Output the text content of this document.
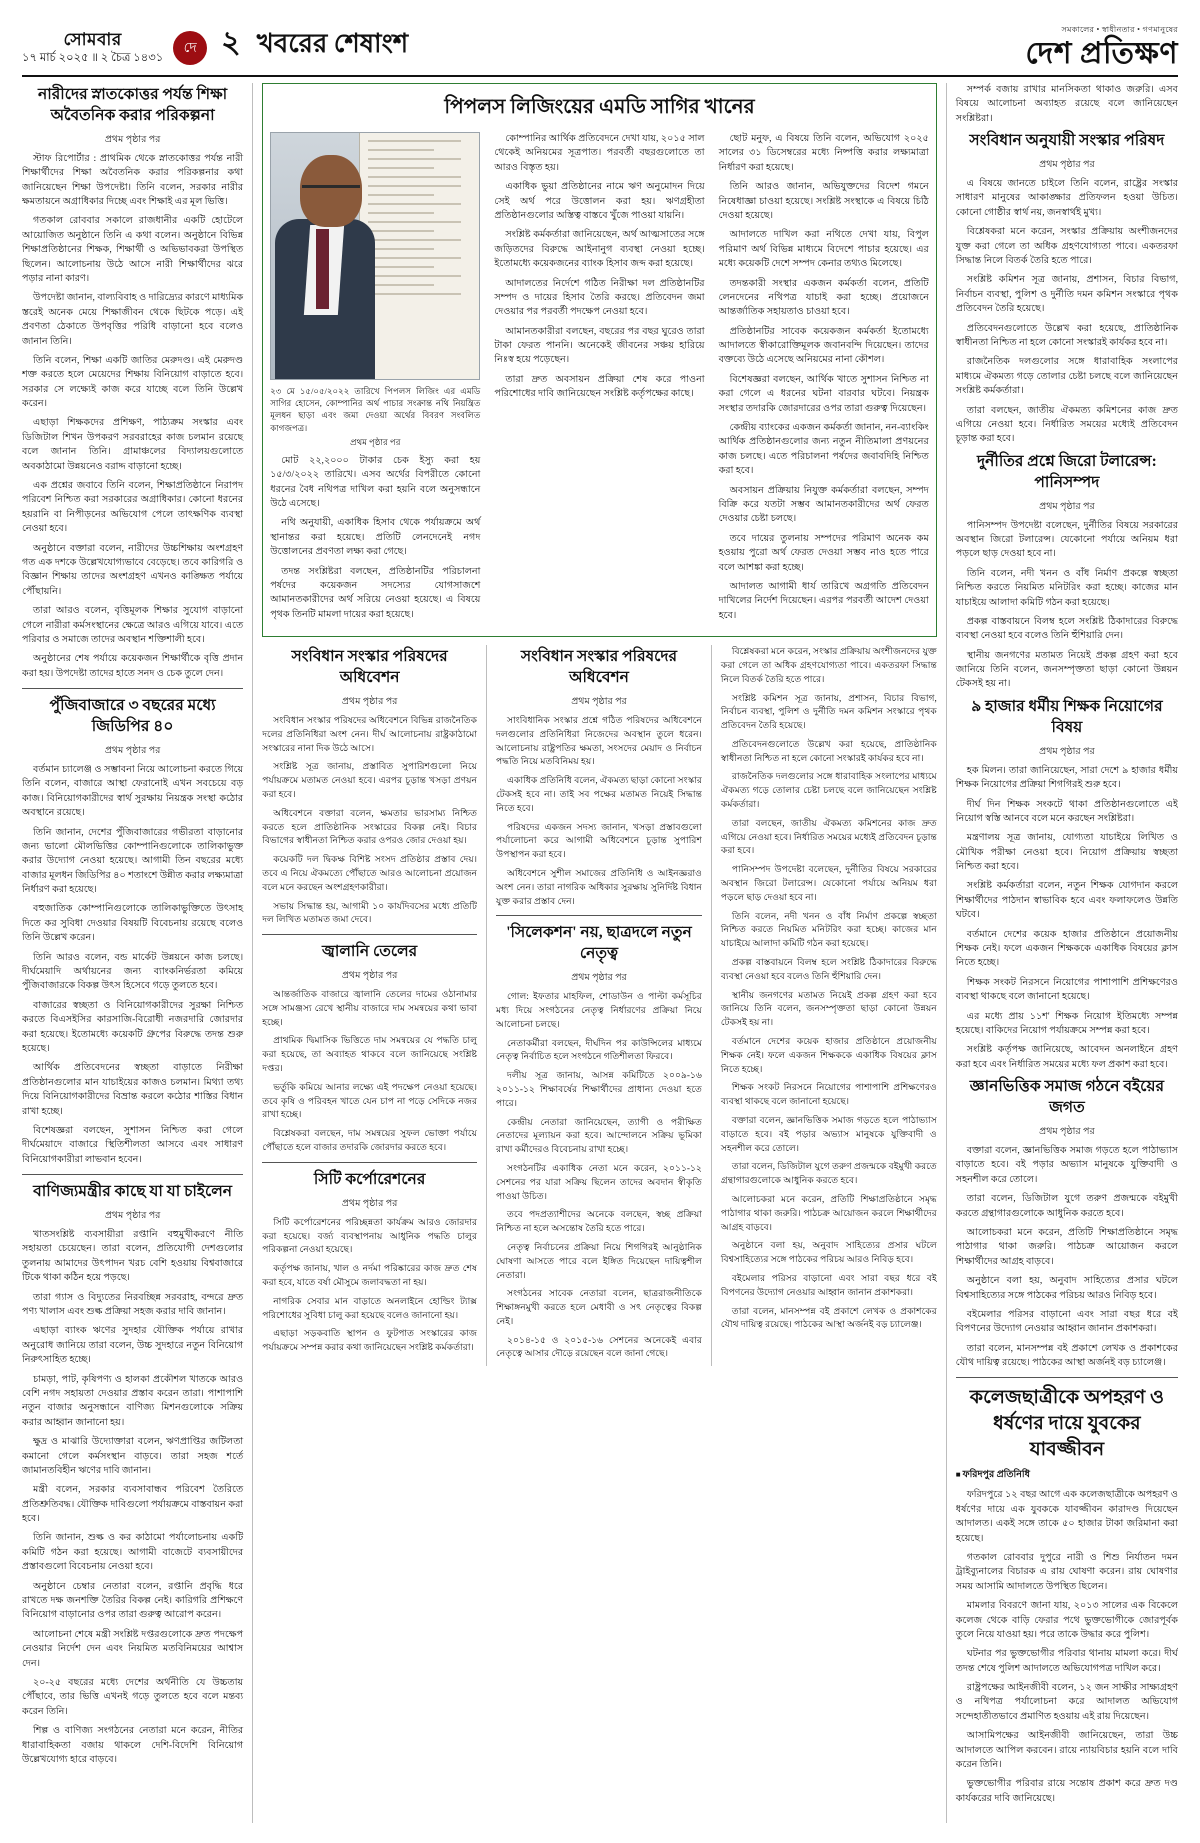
সোমবার
১৭ মার্চ ২০২৫ ॥ ২ চৈত্র ১৪৩১
দে ২ খবরের শেষাংশ	সমকালের • স্বাধীনতার • গণমানুষের
দেশ প্রতিক্ষণ
নারীদের স্নাতকোত্তর পর্যন্ত শিক্ষা অবৈতনিক করার পরিকল্পনা
প্রথম পৃষ্ঠার পর

স্টাফ রিপোর্টার : প্রাথমিক থেকে স্নাতকোত্তর পর্যন্ত নারী শিক্ষার্থীদের শিক্ষা অবৈতনিক করার পরিকল্পনার কথা জানিয়েছেন শিক্ষা উপদেষ্টা। তিনি বলেন, সরকার নারীর ক্ষমতায়নে অগ্রাধিকার দিচ্ছে এবং শিক্ষাই এর মূল ভিত্তি।

গতকাল রোববার সকালে রাজধানীর একটি হোটেলে আয়োজিত অনুষ্ঠানে তিনি এ কথা বলেন। অনুষ্ঠানে বিভিন্ন শিক্ষাপ্রতিষ্ঠানের শিক্ষক, শিক্ষার্থী ও অভিভাবকরা উপস্থিত ছিলেন। আলোচনায় উঠে আসে নারী শিক্ষার্থীদের ঝরে পড়ার নানা কারণ।

উপদেষ্টা জানান, বাল্যবিবাহ ও দারিদ্র্যের কারণে মাধ্যমিক স্তরেই অনেক মেয়ে শিক্ষাজীবন থেকে ছিটকে পড়ে। এই প্রবণতা ঠেকাতে উপবৃত্তির পরিধি বাড়ানো হবে বলেও জানান তিনি।

তিনি বলেন, শিক্ষা একটি জাতির মেরুদণ্ড। এই মেরুদণ্ড শক্ত করতে হলে মেয়েদের শিক্ষায় বিনিয়োগ বাড়াতে হবে। সরকার সে লক্ষ্যেই কাজ করে যাচ্ছে বলে তিনি উল্লেখ করেন।

এছাড়া শিক্ষকদের প্রশিক্ষণ, পাঠ্যক্রম সংস্কার এবং ডিজিটাল শিখন উপকরণ সরবরাহের কাজ চলমান রয়েছে বলে জানান তিনি। গ্রামাঞ্চলের বিদ্যালয়গুলোতে অবকাঠামো উন্নয়নেও বরাদ্দ বাড়ানো হচ্ছে।

এক প্রশ্নের জবাবে তিনি বলেন, শিক্ষাপ্রতিষ্ঠানে নিরাপদ পরিবেশ নিশ্চিত করা সরকারের অগ্রাধিকার। কোনো ধরনের হয়রানি বা নিপীড়নের অভিযোগ পেলে তাৎক্ষণিক ব্যবস্থা নেওয়া হবে।

অনুষ্ঠানে বক্তারা বলেন, নারীদের উচ্চশিক্ষায় অংশগ্রহণ গত এক দশকে উল্লেখযোগ্যভাবে বেড়েছে। তবে কারিগরি ও বিজ্ঞান শিক্ষায় তাদের অংশগ্রহণ এখনও কাঙ্ক্ষিত পর্যায়ে পৌঁছায়নি।

তারা আরও বলেন, বৃত্তিমূলক শিক্ষার সুযোগ বাড়ানো গেলে নারীরা কর্মসংস্থানের ক্ষেত্রে আরও এগিয়ে যাবে। এতে পরিবার ও সমাজে তাদের অবস্থান শক্তিশালী হবে।

অনুষ্ঠানের শেষ পর্যায়ে কয়েকজন শিক্ষার্থীকে বৃত্তি প্রদান করা হয়। উপদেষ্টা তাদের হাতে সনদ ও চেক তুলে দেন।

পুঁজিবাজারে ৩ বছরের মধ্যে জিডিপির ৪০
প্রথম পৃষ্ঠার পর

বর্তমান চ্যালেঞ্জ ও সম্ভাবনা নিয়ে আলোচনা করতে গিয়ে তিনি বলেন, বাজারে আস্থা ফেরানোই এখন সবচেয়ে বড় কাজ। বিনিয়োগকারীদের স্বার্থ সুরক্ষায় নিয়ন্ত্রক সংস্থা কঠোর অবস্থানে রয়েছে।

তিনি জানান, দেশের পুঁজিবাজারের গভীরতা বাড়ানোর জন্য ভালো মৌলভিত্তির কোম্পানিগুলোকে তালিকাভুক্ত করার উদ্যোগ নেওয়া হয়েছে। আগামী তিন বছরের মধ্যে বাজার মূলধন জিডিপির ৪০ শতাংশে উন্নীত করার লক্ষ্যমাত্রা নির্ধারণ করা হয়েছে।

বহুজাতিক কোম্পানিগুলোকে তালিকাভুক্তিতে উৎসাহ দিতে কর সুবিধা দেওয়ার বিষয়টি বিবেচনায় রয়েছে বলেও তিনি উল্লেখ করেন।

তিনি আরও বলেন, বন্ড মার্কেট উন্নয়নে কাজ চলছে। দীর্ঘমেয়াদি অর্থায়নের জন্য ব্যাংকনির্ভরতা কমিয়ে পুঁজিবাজারকে বিকল্প উৎস হিসেবে গড়ে তুলতে হবে।

বাজারের স্বচ্ছতা ও বিনিয়োগকারীদের সুরক্ষা নিশ্চিত করতে বিএসইসির কারসাজি-বিরোধী নজরদারি জোরদার করা হয়েছে। ইতোমধ্যে কয়েকটি গ্রুপের বিরুদ্ধে তদন্ত শুরু হয়েছে।

আর্থিক প্রতিবেদনের স্বচ্ছতা বাড়াতে নিরীক্ষা প্রতিষ্ঠানগুলোর মান যাচাইয়ের কাজও চলমান। মিথ্যা তথ্য দিয়ে বিনিয়োগকারীদের বিভ্রান্ত করলে কঠোর শাস্তির বিধান রাখা হচ্ছে।

বিশেষজ্ঞরা বলছেন, সুশাসন নিশ্চিত করা গেলে দীর্ঘমেয়াদে বাজারে স্থিতিশীলতা আসবে এবং সাধারণ বিনিয়োগকারীরা লাভবান হবেন।

বাণিজ্যমন্ত্রীর কাছে যা যা চাইলেন
প্রথম পৃষ্ঠার পর

খাতসংশ্লিষ্ট ব্যবসায়ীরা রপ্তানি বহুমুখীকরণে নীতি সহায়তা চেয়েছেন। তারা বলেন, প্রতিযোগী দেশগুলোর তুলনায় আমাদের উৎপাদন খরচ বেশি হওয়ায় বিশ্ববাজারে টিকে থাকা কঠিন হয়ে পড়ছে।

তারা গ্যাস ও বিদ্যুতের নিরবচ্ছিন্ন সরবরাহ, বন্দরে দ্রুত পণ্য খালাস এবং শুল্ক প্রক্রিয়া সহজ করার দাবি জানান।

এছাড়া ব্যাংক ঋণের সুদহার যৌক্তিক পর্যায়ে রাখার অনুরোধ জানিয়ে তারা বলেন, উচ্চ সুদহারে নতুন বিনিয়োগ নিরুৎসাহিত হচ্ছে।

চামড়া, পাট, কৃষিপণ্য ও হালকা প্রকৌশল খাতকে আরও বেশি নগদ সহায়তা দেওয়ার প্রস্তাব করেন তারা। পাশাপাশি নতুন বাজার অনুসন্ধানে বাণিজ্য মিশনগুলোকে সক্রিয় করার আহ্বান জানানো হয়।

ক্ষুদ্র ও মাঝারি উদ্যোক্তারা বলেন, ঋণপ্রাপ্তির জটিলতা কমানো গেলে কর্মসংস্থান বাড়বে। তারা সহজ শর্তে জামানতবিহীন ঋণের দাবি জানান।

মন্ত্রী বলেন, সরকার ব্যবসাবান্ধব পরিবেশ তৈরিতে প্রতিশ্রুতিবদ্ধ। যৌক্তিক দাবিগুলো পর্যায়ক্রমে বাস্তবায়ন করা হবে।

তিনি জানান, শুল্ক ও কর কাঠামো পর্যালোচনায় একটি কমিটি গঠন করা হয়েছে। আগামী বাজেটে ব্যবসায়ীদের প্রস্তাবগুলো বিবেচনায় নেওয়া হবে।

অনুষ্ঠানে চেম্বার নেতারা বলেন, রপ্তানি প্রবৃদ্ধি ধরে রাখতে দক্ষ জনশক্তি তৈরির বিকল্প নেই। কারিগরি প্রশিক্ষণে বিনিয়োগ বাড়ানোর ওপর তারা গুরুত্ব আরোপ করেন।

আলোচনা শেষে মন্ত্রী সংশ্লিষ্ট দপ্তরগুলোকে দ্রুত পদক্ষেপ নেওয়ার নির্দেশ দেন এবং নিয়মিত মতবিনিময়ের আশ্বাস দেন।

২০-২৫ বছরের মধ্যে দেশের অর্থনীতি যে উচ্চতায় পৌঁছাবে, তার ভিত্তি এখনই গড়ে তুলতে হবে বলে মন্তব্য করেন তিনি।

শিল্প ও বাণিজ্য সংগঠনের নেতারা মনে করেন, নীতির ধারাবাহিকতা বজায় থাকলে দেশি-বিদেশি বিনিয়োগ উল্লেখযোগ্য হারে বাড়বে।

পিপলস লিজিংয়ের এমডি সাগির খানের
২৩ মে ১৫/০৫/২০২২ তারিখে পিপলস লিজিং এর এমডি সাগির হোসেন, কোম্পানির অর্থ পাচার সংক্রান্ত নথি নিয়ন্ত্রিত মূলধন ছাড়া এবং জমা দেওয়া অর্থের বিবরণ সংবলিত কাগজপত্র।
প্রথম পৃষ্ঠার পর

মোট ২২,২০০০ টাকার চেক ইস্যু করা হয় ১৫/৩/২০২২ তারিখে। এসব অর্থের বিপরীতে কোনো ধরনের বৈধ নথিপত্র দাখিল করা হয়নি বলে অনুসন্ধানে উঠে এসেছে।

নথি অনুযায়ী, একাধিক হিসাব থেকে পর্যায়ক্রমে অর্থ স্থানান্তর করা হয়েছে। প্রতিটি লেনদেনেই নগদ উত্তোলনের প্রবণতা লক্ষ্য করা গেছে।

তদন্ত সংশ্লিষ্টরা বলছেন, প্রতিষ্ঠানটির পরিচালনা পর্ষদের কয়েকজন সদস্যের যোগসাজশে আমানতকারীদের অর্থ সরিয়ে নেওয়া হয়েছে। এ বিষয়ে পৃথক তিনটি মামলা দায়ের করা হয়েছে।

কোম্পানির আর্থিক প্রতিবেদনে দেখা যায়, ২০১৫ সাল থেকেই অনিয়মের সূত্রপাত। পরবর্তী বছরগুলোতে তা আরও বিস্তৃত হয়।

একাধিক ভুয়া প্রতিষ্ঠানের নামে ঋণ অনুমোদন দিয়ে সেই অর্থ পরে উত্তোলন করা হয়। ঋণগ্রহীতা প্রতিষ্ঠানগুলোর অস্তিত্ব বাস্তবে খুঁজে পাওয়া যায়নি।

সংশ্লিষ্ট কর্মকর্তারা জানিয়েছেন, অর্থ আত্মসাতের সঙ্গে জড়িতদের বিরুদ্ধে আইনানুগ ব্যবস্থা নেওয়া হচ্ছে। ইতোমধ্যে কয়েকজনের ব্যাংক হিসাব জব্দ করা হয়েছে।

আদালতের নির্দেশে গঠিত নিরীক্ষা দল প্রতিষ্ঠানটির সম্পদ ও দায়ের হিসাব তৈরি করছে। প্রতিবেদন জমা দেওয়ার পর পরবর্তী পদক্ষেপ নেওয়া হবে।

আমানতকারীরা বলছেন, বছরের পর বছর ঘুরেও তারা টাকা ফেরত পাননি। অনেকেই জীবনের সঞ্চয় হারিয়ে নিঃস্ব হয়ে পড়েছেন।

তারা দ্রুত অবসায়ন প্রক্রিয়া শেষ করে পাওনা পরিশোধের দাবি জানিয়েছেন সংশ্লিষ্ট কর্তৃপক্ষের কাছে।

ছোট মনুফ, এ বিষয়ে তিনি বলেন, অভিযোগ ২০২৫ সালের ৩১ ডিসেম্বরের মধ্যে নিষ্পত্তি করার লক্ষ্যমাত্রা নির্ধারণ করা হয়েছে।

তিনি আরও জানান, অভিযুক্তদের বিদেশ গমনে নিষেধাজ্ঞা চাওয়া হয়েছে। সংশ্লিষ্ট সংস্থাকে এ বিষয়ে চিঠি দেওয়া হয়েছে।

আদালতে দাখিল করা নথিতে দেখা যায়, বিপুল পরিমাণ অর্থ বিভিন্ন মাধ্যমে বিদেশে পাচার হয়েছে। এর মধ্যে কয়েকটি দেশে সম্পদ কেনার তথ্যও মিলেছে।

তদন্তকারী সংস্থার একজন কর্মকর্তা বলেন, প্রতিটি লেনদেনের নথিপত্র যাচাই করা হচ্ছে। প্রয়োজনে আন্তর্জাতিক সহায়তাও চাওয়া হবে।

প্রতিষ্ঠানটির সাবেক কয়েকজন কর্মকর্তা ইতোমধ্যে আদালতে স্বীকারোক্তিমূলক জবানবন্দি দিয়েছেন। তাদের বক্তব্যে উঠে এসেছে অনিয়মের নানা কৌশল।

বিশেষজ্ঞরা বলছেন, আর্থিক খাতে সুশাসন নিশ্চিত না করা গেলে এ ধরনের ঘটনা বারবার ঘটবে। নিয়ন্ত্রক সংস্থার তদারকি জোরদারের ওপর তারা গুরুত্ব দিয়েছেন।

কেন্দ্রীয় ব্যাংকের একজন কর্মকর্তা জানান, নন-ব্যাংকিং আর্থিক প্রতিষ্ঠানগুলোর জন্য নতুন নীতিমালা প্রণয়নের কাজ চলছে। এতে পরিচালনা পর্ষদের জবাবদিহি নিশ্চিত করা হবে।

অবসায়ন প্রক্রিয়ায় নিযুক্ত কর্মকর্তারা বলছেন, সম্পদ বিক্রি করে যতটা সম্ভব আমানতকারীদের অর্থ ফেরত দেওয়ার চেষ্টা চলছে।

তবে দায়ের তুলনায় সম্পদের পরিমাণ অনেক কম হওয়ায় পুরো অর্থ ফেরত দেওয়া সম্ভব নাও হতে পারে বলে আশঙ্কা করা হচ্ছে।

আদালত আগামী ধার্য তারিখে অগ্রগতি প্রতিবেদন দাখিলের নির্দেশ দিয়েছেন। এরপর পরবর্তী আদেশ দেওয়া হবে।

সংবিধান সংস্কার পরিষদের অধিবেশন
প্রথম পৃষ্ঠার পর

সংবিধান সংস্কার পরিষদের অধিবেশনে বিভিন্ন রাজনৈতিক দলের প্রতিনিধিরা অংশ নেন। দীর্ঘ আলোচনায় রাষ্ট্রকাঠামো সংস্কারের নানা দিক উঠে আসে।

সংশ্লিষ্ট সূত্র জানায়, প্রস্তাবিত সুপারিশগুলো নিয়ে পর্যায়ক্রমে মতামত নেওয়া হবে। এরপর চূড়ান্ত খসড়া প্রণয়ন করা হবে।

অধিবেশনে বক্তারা বলেন, ক্ষমতার ভারসাম্য নিশ্চিত করতে হলে প্রাতিষ্ঠানিক সংস্কারের বিকল্প নেই। বিচার বিভাগের স্বাধীনতা নিশ্চিত করার ওপরও জোর দেওয়া হয়।

কয়েকটি দল দ্বিকক্ষ বিশিষ্ট সংসদ প্রতিষ্ঠার প্রস্তাব দেয়। তবে এ নিয়ে ঐকমত্যে পৌঁছাতে আরও আলোচনা প্রয়োজন বলে মনে করছেন অংশগ্রহণকারীরা।

সভায় সিদ্ধান্ত হয়, আগামী ১০ কার্যদিবসের মধ্যে প্রতিটি দল লিখিত মতামত জমা দেবে।

জ্বালানি তেলের
প্রথম পৃষ্ঠার পর

আন্তর্জাতিক বাজারে জ্বালানি তেলের দামের ওঠানামার সঙ্গে সামঞ্জস্য রেখে স্থানীয় বাজারে দাম সমন্বয়ের কথা ভাবা হচ্ছে।

প্রাথমিক দ্বিমাসিক ভিত্তিতে দাম সমন্বয়ের যে পদ্ধতি চালু করা হয়েছে, তা অব্যাহত থাকবে বলে জানিয়েছে সংশ্লিষ্ট দপ্তর।

ভর্তুকি কমিয়ে আনার লক্ষ্যে এই পদক্ষেপ নেওয়া হয়েছে। তবে কৃষি ও পরিবহন খাতে যেন চাপ না পড়ে সেদিকে নজর রাখা হচ্ছে।

বিশ্লেষকরা বলছেন, দাম সমন্বয়ের সুফল ভোক্তা পর্যায়ে পৌঁছাতে হলে বাজার তদারকি জোরদার করতে হবে।

সিটি কর্পোরেশনের
প্রথম পৃষ্ঠার পর

সিটি কর্পোরেশনের পরিচ্ছন্নতা কার্যক্রম আরও জোরদার করা হয়েছে। বর্জ্য ব্যবস্থাপনায় আধুনিক পদ্ধতি চালুর পরিকল্পনা নেওয়া হয়েছে।

কর্তৃপক্ষ জানায়, খাল ও নর্দমা পরিষ্কারের কাজ দ্রুত শেষ করা হবে, যাতে বর্ষা মৌসুমে জলাবদ্ধতা না হয়।

নাগরিক সেবার মান বাড়াতে অনলাইনে হোল্ডিং ট্যাক্স পরিশোধের সুবিধা চালু করা হয়েছে বলেও জানানো হয়।

এছাড়া সড়কবাতি স্থাপন ও ফুটপাত সংস্কারের কাজ পর্যায়ক্রমে সম্পন্ন করার কথা জানিয়েছেন সংশ্লিষ্ট কর্মকর্তারা।

সংবিধান সংস্কার পরিষদের অধিবেশন
প্রথম পৃষ্ঠার পর

সাংবিধানিক সংস্কার প্রশ্নে গঠিত পরিষদের অধিবেশনে দলগুলোর প্রতিনিধিরা নিজেদের অবস্থান তুলে ধরেন। আলোচনায় রাষ্ট্রপতির ক্ষমতা, সংসদের মেয়াদ ও নির্বাচন পদ্ধতি নিয়ে মতবিনিময় হয়।

একাধিক প্রতিনিধি বলেন, ঐকমত্য ছাড়া কোনো সংস্কার টেকসই হবে না। তাই সব পক্ষের মতামত নিয়েই সিদ্ধান্ত নিতে হবে।

পরিষদের একজন সদস্য জানান, খসড়া প্রস্তাবগুলো পর্যালোচনা করে আগামী অধিবেশনে চূড়ান্ত সুপারিশ উপস্থাপন করা হবে।

অধিবেশনে সুশীল সমাজের প্রতিনিধি ও আইনজ্ঞরাও অংশ নেন। তারা নাগরিক অধিকার সুরক্ষায় সুনির্দিষ্ট বিধান যুক্ত করার প্রস্তাব দেন।

'সিলেকশন' নয়, ছাত্রদলে নতুন নেতৃত্ব
প্রথম পৃষ্ঠার পর

গোল: ইফতার মাহফিল, শোডাউন ও পাল্টা কর্মসূচির মধ্য দিয়ে সংগঠনের নেতৃত্ব নির্ধারণের প্রক্রিয়া নিয়ে আলোচনা চলছে।

নেতাকর্মীরা বলছেন, দীর্ঘদিন পর কাউন্সিলের মাধ্যমে নেতৃত্ব নির্বাচিত হলে সংগঠনে গতিশীলতা ফিরবে।

দলীয় সূত্র জানায়, আসন্ন কমিটিতে ২০০৯-১৬ ২০১১-১২ শিক্ষাবর্ষের শিক্ষার্থীদের প্রাধান্য দেওয়া হতে পারে।

কেন্দ্রীয় নেতারা জানিয়েছেন, ত্যাগী ও পরীক্ষিত নেতাদের মূল্যায়ন করা হবে। আন্দোলনে সক্রিয় ভূমিকা রাখা কর্মীদেরও বিবেচনায় রাখা হচ্ছে।

সংগঠনটির একাধিক নেতা মনে করেন, ২০১১-১২ সেশনের পর যারা সক্রিয় ছিলেন তাদের অবদান স্বীকৃতি পাওয়া উচিত।

তবে পদপ্রত্যাশীদের অনেকে বলছেন, স্বচ্ছ প্রক্রিয়া নিশ্চিত না হলে অসন্তোষ তৈরি হতে পারে।

নেতৃত্ব নির্বাচনের প্রক্রিয়া নিয়ে শিগগিরই আনুষ্ঠানিক ঘোষণা আসতে পারে বলে ইঙ্গিত দিয়েছেন দায়িত্বশীল নেতারা।

সংগঠনের সাবেক নেতারা বলেন, ছাত্ররাজনীতিকে শিক্ষাঙ্গনমুখী করতে হলে মেধাবী ও সৎ নেতৃত্বের বিকল্প নেই।

২০১৪-১৫ ও ২০১৫-১৬ সেশনের অনেকেই এবার নেতৃত্বে আসার দৌড়ে রয়েছেন বলে জানা গেছে।

বিশ্লেষকরা মনে করেন, সংস্কার প্রক্রিয়ায় অংশীজনদের যুক্ত করা গেলে তা অধিক গ্রহণযোগ্যতা পাবে। একতরফা সিদ্ধান্ত নিলে বিতর্ক তৈরি হতে পারে।

সংশ্লিষ্ট কমিশন সূত্র জানায়, প্রশাসন, বিচার বিভাগ, নির্বাচন ব্যবস্থা, পুলিশ ও দুর্নীতি দমন কমিশন সংস্কারে পৃথক প্রতিবেদন তৈরি হয়েছে।

প্রতিবেদনগুলোতে উল্লেখ করা হয়েছে, প্রাতিষ্ঠানিক স্বাধীনতা নিশ্চিত না হলে কোনো সংস্কারই কার্যকর হবে না।

রাজনৈতিক দলগুলোর সঙ্গে ধারাবাহিক সংলাপের মাধ্যমে ঐকমত্য গড়ে তোলার চেষ্টা চলছে বলে জানিয়েছেন সংশ্লিষ্ট কর্মকর্তারা।

তারা বলছেন, জাতীয় ঐকমত্য কমিশনের কাজ দ্রুত এগিয়ে নেওয়া হবে। নির্ধারিত সময়ের মধ্যেই প্রতিবেদন চূড়ান্ত করা হবে।

পানিসম্পদ উপদেষ্টা বলেছেন, দুর্নীতির বিষয়ে সরকারের অবস্থান জিরো টলারেন্স। যেকোনো পর্যায়ে অনিয়ম ধরা পড়লে ছাড় দেওয়া হবে না।

তিনি বলেন, নদী খনন ও বাঁধ নির্মাণ প্রকল্পে স্বচ্ছতা নিশ্চিত করতে নিয়মিত মনিটরিং করা হচ্ছে। কাজের মান যাচাইয়ে আলাদা কমিটি গঠন করা হয়েছে।

প্রকল্প বাস্তবায়নে বিলম্ব হলে সংশ্লিষ্ট ঠিকাদারের বিরুদ্ধে ব্যবস্থা নেওয়া হবে বলেও তিনি হুঁশিয়ারি দেন।

স্থানীয় জনগণের মতামত নিয়েই প্রকল্প গ্রহণ করা হবে জানিয়ে তিনি বলেন, জনসম্পৃক্ততা ছাড়া কোনো উন্নয়ন টেকসই হয় না।

বর্তমানে দেশের কয়েক হাজার প্রতিষ্ঠানে প্রয়োজনীয় শিক্ষক নেই। ফলে একজন শিক্ষককে একাধিক বিষয়ের ক্লাস নিতে হচ্ছে।

শিক্ষক সংকট নিরসনে নিয়োগের পাশাপাশি প্রশিক্ষণেরও ব্যবস্থা থাকছে বলে জানানো হয়েছে।

বক্তারা বলেন, জ্ঞানভিত্তিক সমাজ গড়তে হলে পাঠাভ্যাস বাড়াতে হবে। বই পড়ার অভ্যাস মানুষকে যুক্তিবাদী ও সহনশীল করে তোলে।

তারা বলেন, ডিজিটাল যুগে তরুণ প্রজন্মকে বইমুখী করতে গ্রন্থাগারগুলোকে আধুনিক করতে হবে।

আলোচকরা মনে করেন, প্রতিটি শিক্ষাপ্রতিষ্ঠানে সমৃদ্ধ পাঠাগার থাকা জরুরি। পাঠচক্র আয়োজন করলে শিক্ষার্থীদের আগ্রহ বাড়বে।

অনুষ্ঠানে বলা হয়, অনুবাদ সাহিত্যের প্রসার ঘটলে বিশ্বসাহিত্যের সঙ্গে পাঠকের পরিচয় আরও নিবিড় হবে।

বইমেলার পরিসর বাড়ানো এবং সারা বছর ধরে বই বিপণনের উদ্যোগ নেওয়ার আহ্বান জানান প্রকাশকরা।

তারা বলেন, মানসম্পন্ন বই প্রকাশে লেখক ও প্রকাশকের যৌথ দায়িত্ব রয়েছে। পাঠকের আস্থা অর্জনই বড় চ্যালেঞ্জ।

সম্পর্ক বজায় রাখার মানসিকতা থাকাও জরুরি। এসব বিষয়ে আলোচনা অব্যাহত রয়েছে বলে জানিয়েছেন সংশ্লিষ্টরা।

সংবিধান অনুযায়ী সংস্কার পরিষদ
প্রথম পৃষ্ঠার পর

এ বিষয়ে জানতে চাইলে তিনি বলেন, রাষ্ট্রের সংস্কার সাধারণ মানুষের আকাঙ্ক্ষার প্রতিফলন হওয়া উচিত। কোনো গোষ্ঠীর স্বার্থ নয়, জনস্বার্থই মুখ্য।

বিশ্লেষকরা মনে করেন, সংস্কার প্রক্রিয়ায় অংশীজনদের যুক্ত করা গেলে তা অধিক গ্রহণযোগ্যতা পাবে। একতরফা সিদ্ধান্ত নিলে বিতর্ক তৈরি হতে পারে।

সংশ্লিষ্ট কমিশন সূত্র জানায়, প্রশাসন, বিচার বিভাগ, নির্বাচন ব্যবস্থা, পুলিশ ও দুর্নীতি দমন কমিশন সংস্কারে পৃথক প্রতিবেদন তৈরি হয়েছে।

প্রতিবেদনগুলোতে উল্লেখ করা হয়েছে, প্রাতিষ্ঠানিক স্বাধীনতা নিশ্চিত না হলে কোনো সংস্কারই কার্যকর হবে না।

রাজনৈতিক দলগুলোর সঙ্গে ধারাবাহিক সংলাপের মাধ্যমে ঐকমত্য গড়ে তোলার চেষ্টা চলছে বলে জানিয়েছেন সংশ্লিষ্ট কর্মকর্তারা।

তারা বলছেন, জাতীয় ঐকমত্য কমিশনের কাজ দ্রুত এগিয়ে নেওয়া হবে। নির্ধারিত সময়ের মধ্যেই প্রতিবেদন চূড়ান্ত করা হবে।

দুর্নীতির প্রশ্নে জিরো টলারেন্স: পানিসম্পদ
প্রথম পৃষ্ঠার পর

পানিসম্পদ উপদেষ্টা বলেছেন, দুর্নীতির বিষয়ে সরকারের অবস্থান জিরো টলারেন্স। যেকোনো পর্যায়ে অনিয়ম ধরা পড়লে ছাড় দেওয়া হবে না।

তিনি বলেন, নদী খনন ও বাঁধ নির্মাণ প্রকল্পে স্বচ্ছতা নিশ্চিত করতে নিয়মিত মনিটরিং করা হচ্ছে। কাজের মান যাচাইয়ে আলাদা কমিটি গঠন করা হয়েছে।

প্রকল্প বাস্তবায়নে বিলম্ব হলে সংশ্লিষ্ট ঠিকাদারের বিরুদ্ধে ব্যবস্থা নেওয়া হবে বলেও তিনি হুঁশিয়ারি দেন।

স্থানীয় জনগণের মতামত নিয়েই প্রকল্প গ্রহণ করা হবে জানিয়ে তিনি বলেন, জনসম্পৃক্ততা ছাড়া কোনো উন্নয়ন টেকসই হয় না।

৯ হাজার ধর্মীয় শিক্ষক নিয়োগের বিষয়
প্রথম পৃষ্ঠার পর

হক মিলন। তারা জানিয়েছেন, সারা দেশে ৯ হাজার ধর্মীয় শিক্ষক নিয়োগের প্রক্রিয়া শিগগিরই শুরু হবে।

দীর্ঘ দিন শিক্ষক সংকটে থাকা প্রতিষ্ঠানগুলোতে এই নিয়োগ স্বস্তি আনবে বলে মনে করছেন সংশ্লিষ্টরা।

মন্ত্রণালয় সূত্র জানায়, যোগ্যতা যাচাইয়ে লিখিত ও মৌখিক পরীক্ষা নেওয়া হবে। নিয়োগ প্রক্রিয়ায় স্বচ্ছতা নিশ্চিত করা হবে।

সংশ্লিষ্ট কর্মকর্তারা বলেন, নতুন শিক্ষক যোগদান করলে শিক্ষার্থীদের পাঠদান স্বাভাবিক হবে এবং ফলাফলেও উন্নতি ঘটবে।

বর্তমানে দেশের কয়েক হাজার প্রতিষ্ঠানে প্রয়োজনীয় শিক্ষক নেই। ফলে একজন শিক্ষককে একাধিক বিষয়ের ক্লাস নিতে হচ্ছে।

শিক্ষক সংকট নিরসনে নিয়োগের পাশাপাশি প্রশিক্ষণেরও ব্যবস্থা থাকছে বলে জানানো হয়েছে।

এর মধ্যে প্রায় ১১শ' শিক্ষক নিয়োগ ইতিমধ্যে সম্পন্ন হয়েছে। বাকিদের নিয়োগ পর্যায়ক্রমে সম্পন্ন করা হবে।

সংশ্লিষ্ট কর্তৃপক্ষ জানিয়েছে, আবেদন অনলাইনে গ্রহণ করা হবে এবং নির্ধারিত সময়ের মধ্যে ফল প্রকাশ করা হবে।

জ্ঞানভিত্তিক সমাজ গঠনে বইয়ের জগত
প্রথম পৃষ্ঠার পর

বক্তারা বলেন, জ্ঞানভিত্তিক সমাজ গড়তে হলে পাঠাভ্যাস বাড়াতে হবে। বই পড়ার অভ্যাস মানুষকে যুক্তিবাদী ও সহনশীল করে তোলে।

তারা বলেন, ডিজিটাল যুগে তরুণ প্রজন্মকে বইমুখী করতে গ্রন্থাগারগুলোকে আধুনিক করতে হবে।

আলোচকরা মনে করেন, প্রতিটি শিক্ষাপ্রতিষ্ঠানে সমৃদ্ধ পাঠাগার থাকা জরুরি। পাঠচক্র আয়োজন করলে শিক্ষার্থীদের আগ্রহ বাড়বে।

অনুষ্ঠানে বলা হয়, অনুবাদ সাহিত্যের প্রসার ঘটলে বিশ্বসাহিত্যের সঙ্গে পাঠকের পরিচয় আরও নিবিড় হবে।

বইমেলার পরিসর বাড়ানো এবং সারা বছর ধরে বই বিপণনের উদ্যোগ নেওয়ার আহ্বান জানান প্রকাশকরা।

তারা বলেন, মানসম্পন্ন বই প্রকাশে লেখক ও প্রকাশকের যৌথ দায়িত্ব রয়েছে। পাঠকের আস্থা অর্জনই বড় চ্যালেঞ্জ।

কলেজছাত্রীকে অপহরণ ও ধর্ষণের দায়ে যুবকের যাবজ্জীবন
■ ফরিদপুর প্রতিনিধি

ফরিদপুরে ১২ বছর আগে এক কলেজছাত্রীকে অপহরণ ও ধর্ষণের দায়ে এক যুবককে যাবজ্জীবন কারাদণ্ড দিয়েছেন আদালত। একই সঙ্গে তাকে ৫০ হাজার টাকা জরিমানা করা হয়েছে।

গতকাল রোববার দুপুরে নারী ও শিশু নির্যাতন দমন ট্রাইব্যুনালের বিচারক এ রায় ঘোষণা করেন। রায় ঘোষণার সময় আসামি আদালতে উপস্থিত ছিলেন।

মামলার বিবরণে জানা যায়, ২০১৩ সালের এক বিকেলে কলেজ থেকে বাড়ি ফেরার পথে ভুক্তভোগীকে জোরপূর্বক তুলে নিয়ে যাওয়া হয়। পরে তাকে উদ্ধার করে পুলিশ।

ঘটনার পর ভুক্তভোগীর পরিবার থানায় মামলা করে। দীর্ঘ তদন্ত শেষে পুলিশ আদালতে অভিযোগপত্র দাখিল করে।

রাষ্ট্রপক্ষের আইনজীবী বলেন, ১২ জন সাক্ষীর সাক্ষ্যগ্রহণ ও নথিপত্র পর্যালোচনা করে আদালত অভিযোগ সন্দেহাতীতভাবে প্রমাণিত হওয়ায় এই রায় দিয়েছেন।

আসামিপক্ষের আইনজীবী জানিয়েছেন, তারা উচ্চ আদালতে আপিল করবেন। রায়ে ন্যায়বিচার হয়নি বলে দাবি করেন তিনি।

ভুক্তভোগীর পরিবার রায়ে সন্তোষ প্রকাশ করে দ্রুত দণ্ড কার্যকরের দাবি জানিয়েছে।
